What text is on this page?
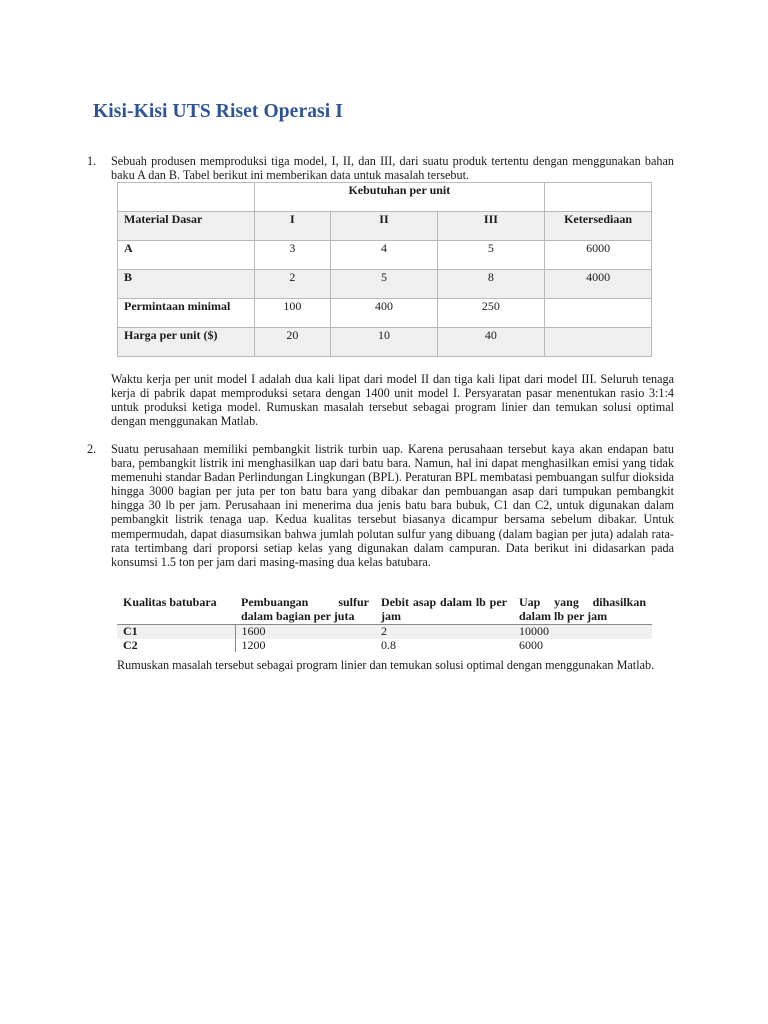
Kisi-Kisi UTS Riset Operasi I
1. Sebuah produsen memproduksi tiga model, I, II, dan III, dari suatu produk tertentu dengan menggunakan bahan baku A dan B. Tabel berikut ini memberikan data untuk masalah tersebut.
	Kebutuhan per unit			
Material Dasar	I	II	III	Ketersediaan
A	3	4	5	6000
B	2	5	8	4000
Permintaan minimal	100	400	250	
Harga per unit ($)	20	10	40	
Waktu kerja per unit model I adalah dua kali lipat dari model II dan tiga kali lipat dari model III. Seluruh tenaga kerja di pabrik dapat memproduksi setara dengan 1400 unit model I. Persyaratan pasar menentukan rasio 3:1:4 untuk produksi ketiga model. Rumuskan masalah tersebut sebagai program linier dan temukan solusi optimal dengan menggunakan Matlab.
2. Suatu perusahaan memiliki pembangkit listrik turbin uap. Karena perusahaan tersebut kaya akan endapan batu bara, pembangkit listrik ini menghasilkan uap dari batu bara. Namun, hal ini dapat menghasilkan emisi yang tidak memenuhi standar Badan Perlindungan Lingkungan (BPL). Peraturan BPL membatasi pembuangan sulfur dioksida hingga 3000 bagian per juta per ton batu bara yang dibakar dan pembuangan asap dari tumpukan pembangkit hingga 30 lb per jam. Perusahaan ini menerima dua jenis batu bara bubuk, C1 dan C2, untuk digunakan dalam pembangkit listrik tenaga uap. Kedua kualitas tersebut biasanya dicampur bersama sebelum dibakar. Untuk mempermudah, dapat diasumsikan bahwa jumlah polutan sulfur yang dibuang (dalam bagian per juta) adalah rata-rata tertimbang dari proporsi setiap kelas yang digunakan dalam campuran. Data berikut ini didasarkan pada konsumsi 1.5 ton per jam dari masing-masing dua kelas batubara.
Kualitas batubara	Pembuangan sulfur dalam bagian per juta	Debit asap dalam lb per jam	Uap yang dihasilkan dalam lb per jam
C1	1600	2	10000
C2	1200	0.8	6000
Rumuskan masalah tersebut sebagai program linier dan temukan solusi optimal dengan menggunakan Matlab.
